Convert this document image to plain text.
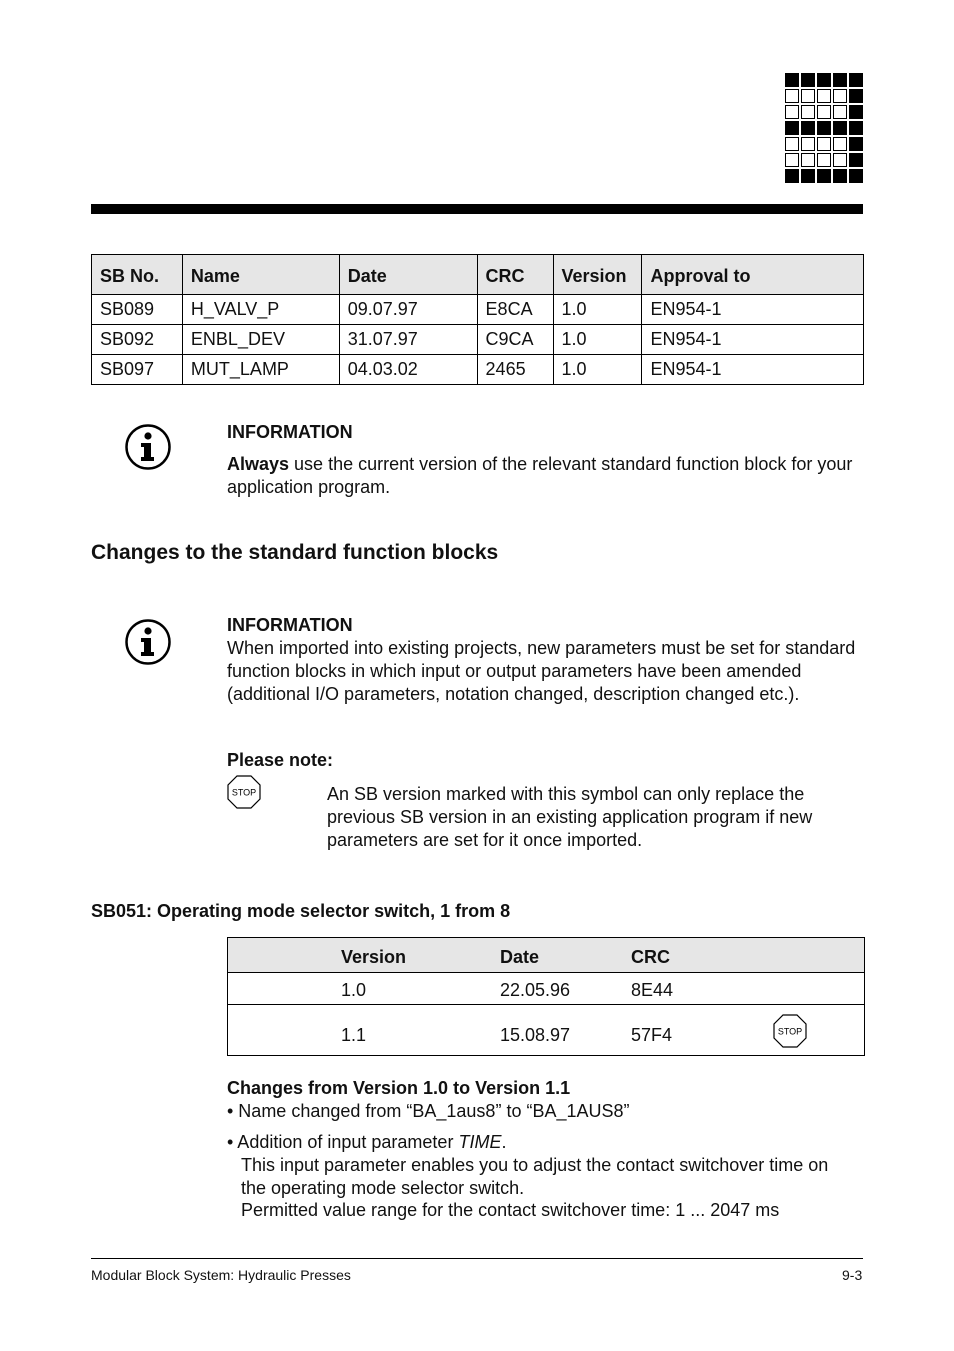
SB No.	Name	Date	CRC	Version	Approval to
SB089	H_VALV_P	09.07.97	E8CA	1.0	EN954-1
SB092	ENBL_DEV	31.07.97	C9CA	1.0	EN954-1
SB097	MUT_LAMP	04.03.02	2465	1.0	EN954-1
INFORMATION
Always use the current version of the relevant standard function block for your application program.
Changes to the standard function blocks
INFORMATION
When imported into existing projects, new parameters must be set for standard function blocks in which input or output parameters have been amended (additional I/O parameters, notation changed, description changed etc.).
Please note:
STOP	An SB version marked with this symbol can only replace the previous SB version in an existing application program if new parameters are set for it once imported.
SB051: Operating mode selector switch, 1 from 8
Version	Date	CRC
1.0	22.05.96	8E44
1.1	15.08.97	57F4	STOP
Changes from Version 1.0 to Version 1.1
• Name changed from “BA_1aus8” to “BA_1AUS8”
• Addition of input parameter TIME.
This input parameter enables you to adjust the contact switchover time on the operating mode selector switch.
Permitted value range for the contact switchover time: 1 ... 2047 ms
Modular Block System: Hydraulic Presses	9-3
